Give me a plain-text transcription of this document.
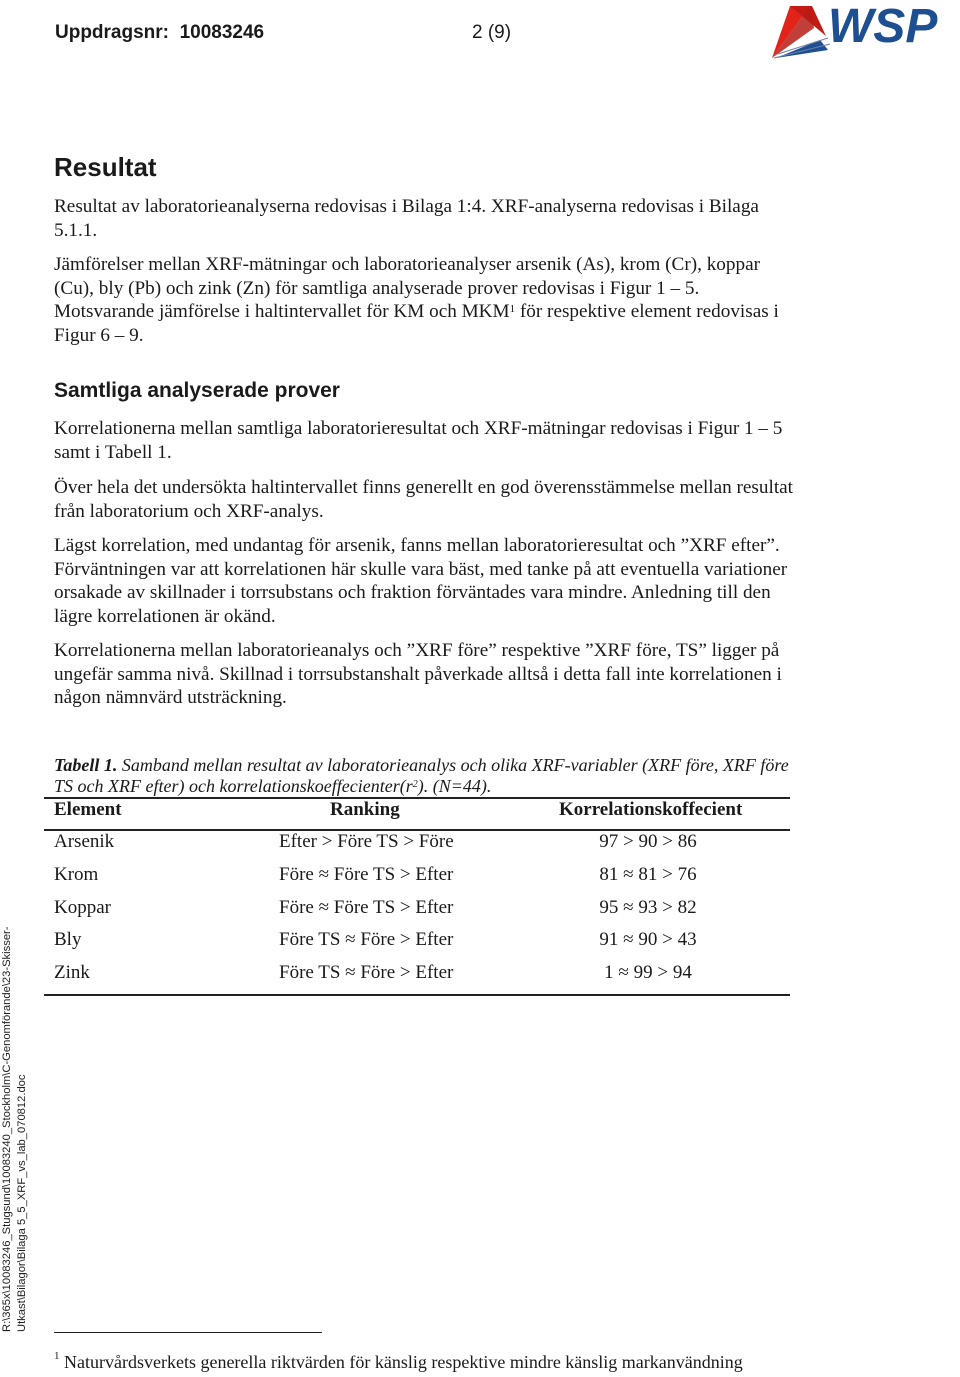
Uppdragsnr: 10083246	2 (9)	WSP
Resultat
Resultat av laboratorieanalyserna redovisas i Bilaga 1:4. XRF-analyserna redovisas i Bilaga 5.1.1.
Jämförelser mellan XRF-mätningar och laboratorieanalyser arsenik (As), krom (Cr), koppar (Cu), bly (Pb) och zink (Zn) för samtliga analyserade prover redovisas i Figur 1 – 5. Motsvarande jämförelse i haltintervallet för KM och MKM$^1$ för respektive element redovisas i Figur 6 – 9.
Samtliga analyserade prover
Korrelationerna mellan samtliga laboratorieresultat och XRF-mätningar redovisas i Figur 1 – 5 samt i Tabell 1.
Över hela det undersökta haltintervallet finns generellt en god överensstämmelse mellan resultat från laboratorium och XRF-analys.
Lägst korrelation, med undantag för arsenik, fanns mellan laboratorieresultat och ”XRF efter”. Förväntningen var att korrelationen här skulle vara bäst, med tanke på att eventuella variationer orsakade av skillnader i torrsubstans och fraktion förväntades vara mindre. Anledning till den lägre korrelationen är okänd.
Korrelationerna mellan laboratorieanalys och ”XRF före” respektive ”XRF före, TS” ligger på ungefär samma nivå. Skillnad i torrsubstanshalt påverkade alltså i detta fall inte korrelationen i någon nämnvärd utsträckning.
Tabell 1. Samband mellan resultat av laboratorieanalys och olika XRF-variabler (XRF före, XRF före TS och XRF efter) och $korrelationskoeffecienter(r^2)$. (N=44).
Element	Ranking	Korrelationskoffecient
Arsenik	Efter > Före TS > Före	97 > 90 > 86
Krom	Före ≈ Före TS > Efter	81 ≈ 81 > 76
Koppar	Före ≈ Före TS > Efter	95 ≈ 93 > 82
Bly	Före TS ≈ Före > Efter	91 ≈ 90 > 43
Zink	Före TS ≈ Före > Efter	1 ≈ 99 > 94
$^1$ Naturvårdsverkets generella riktvärden för känslig respektive mindre känslig markanvändning
R:\365x\10083246_Stugsund\10083240_Stockholm\C-Genomförande\23-Skisser- Utkast\Bilagor\Bilaga 5_5_XRF_vs_lab_070812.doc
